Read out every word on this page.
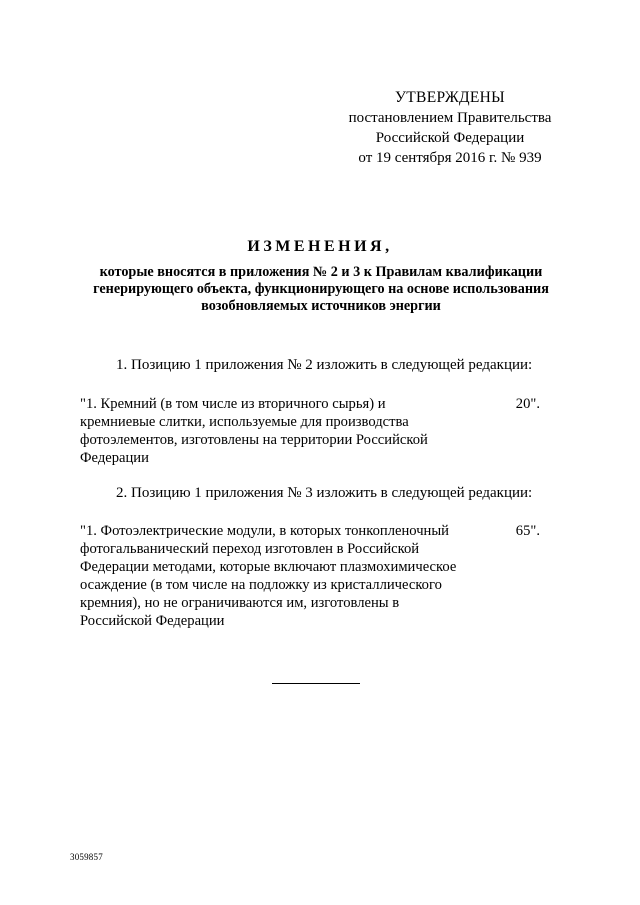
УТВЕРЖДЕНЫ
постановлением Правительства
Российской Федерации
от 19 сентября 2016 г. № 939
ИЗМЕНЕНИЯ,
которые вносятся в приложения № 2 и 3 к Правилам квалификации
генерирующего объекта, функционирующего на основе использования
возобновляемых источников энергии
1. Позицию 1 приложения № 2 изложить в следующей редакции:
"1. Кремний (в том числе из вторичного сырья) и
кремниевые слитки, используемые для производства
фотоэлементов, изготовлены на территории Российской
Федерации
20".
2. Позицию 1 приложения № 3 изложить в следующей редакции:
"1. Фотоэлектрические модули, в которых тонкопленочный
фотогальванический переход изготовлен в Российской
Федерации методами, которые включают плазмохимическое
осаждение (в том числе на подложку из кристаллического
кремния), но не ограничиваются им, изготовлены в
Российской Федерации
65".
3059857
